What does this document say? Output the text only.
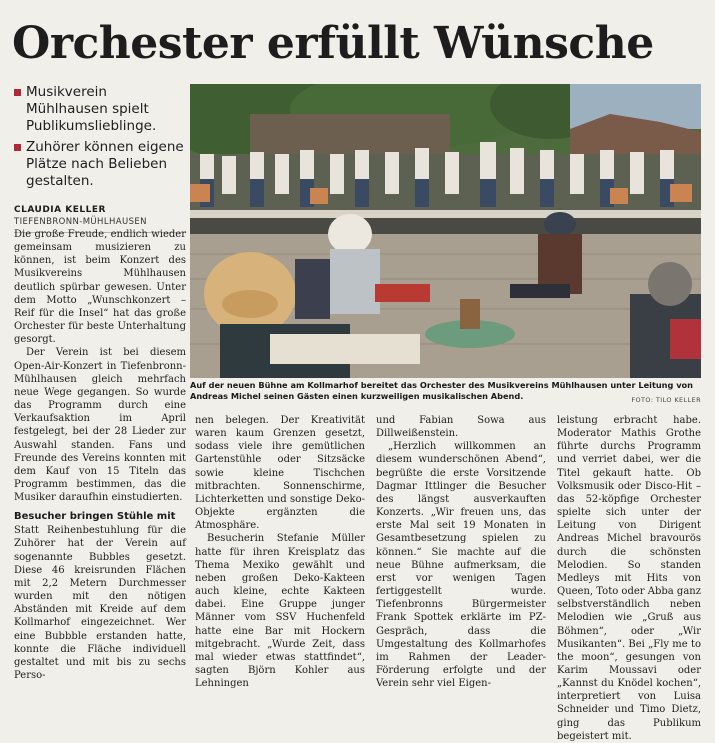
Orchester erfüllt Wünsche
Musikverein Mühlhausen spielt Publikumslieblinge.
Zuhörer können eigene Plätze nach Belieben gestalten.
CLAUDIA KELLER
TIEFENBRONN-MÜHLHAUSEN

Die große Freude, endlich wieder gemeinsam musizieren zu können, ist beim Konzert des Musikvereins Mühlhausen deutlich spürbar gewesen. Unter dem Motto „Wunschkonzert – Reif für die Insel“ hat das große Orchester für beste Unterhaltung gesorgt.

Der Verein ist bei diesem Open-Air-Konzert in Tiefenbronn-Mühlhausen gleich mehrfach neue Wege gegangen. So wurde das Programm durch eine Verkaufsaktion im April festgelegt, bei der 28 Lieder zur Auswahl standen. Fans und Freunde des Vereins konnten mit dem Kauf von 15 Titeln das Programm bestimmen, das die Musiker daraufhin einstudierten.

Besucher bringen Stühle mit

Statt Reihenbestuhlung für die Zuhörer hat der Verein auf sogenannte Bubbles gesetzt. Diese 46 kreisrunden Flächen mit 2,2 Metern Durchmesser wurden mit den nötigen Abständen mit Kreide auf dem Kollmarhof eingezeichnet. Wer eine Bubbble erstanden hatte, konnte die Fläche individuell gestaltet und mit bis zu sechs Perso-

Auf der neuen Bühne am Kollmarhof bereitet das Orchester des Musikvereins Mühlhausen unter Leitung von Andreas Michel seinen Gästen einen kurzweiligen musikalischen Abend.	FOTO: TILO KELLER

nen belegen. Der Kreativität waren kaum Grenzen gesetzt, sodass viele ihre gemütlichen Gartenstühle oder Sitzsäcke sowie kleine Tischchen mitbrachten. Sonnenschirme, Lichterketten und sonstige Deko-Objekte ergänzten die Atmosphäre.

Besucherin Stefanie Müller hatte für ihren Kreisplatz das Thema Mexiko gewählt und neben großen Deko-Kakteen auch kleine, echte Kakteen dabei. Eine Gruppe junger Männer vom SSV Huchenfeld hatte eine Bar mit Hockern mitgebracht. „Wurde Zeit, dass mal wieder etwas stattfindet“, sagten Björn Kohler aus Lehningen

und Fabian Sowa aus Dillweißenstein.

„Herzlich willkommen an diesem wunderschönen Abend“, begrüßte die erste Vorsitzende Dagmar Ittlinger die Besucher des längst ausverkauften Konzerts. „Wir freuen uns, das erste Mal seit 19 Monaten in Gesamtbesetzung spielen zu können.“ Sie machte auf die neue Bühne aufmerksam, die erst vor wenigen Tagen fertiggestellt wurde. Tiefenbronns Bürgermeister Frank Spottek erklärte im PZ-Gespräch, dass die Umgestaltung des Kollmarhofes im Rahmen der Leader-Förderung erfolgte und der Verein sehr viel Eigen-

leistung erbracht habe. Moderator Mathis Grothe führte durchs Programm und verriet dabei, wer die Titel gekauft hatte. Ob Volksmusik oder Disco-Hit – das 52-köpfige Orchester spielte sich unter der Leitung von Dirigent Andreas Michel bravourös durch die schönsten Melodien. So standen Medleys mit Hits von Queen, Toto oder Abba ganz selbstverständlich neben Melodien wie „Gruß aus Böhmen“, oder „Wir Musikanten“. Bei „Fly me to the moon“, gesungen von Karim Moussavi oder „Kannst du Knödel kochen“, interpretiert von Luisa Schneider und Timo Dietz, ging das Publikum begeistert mit.
